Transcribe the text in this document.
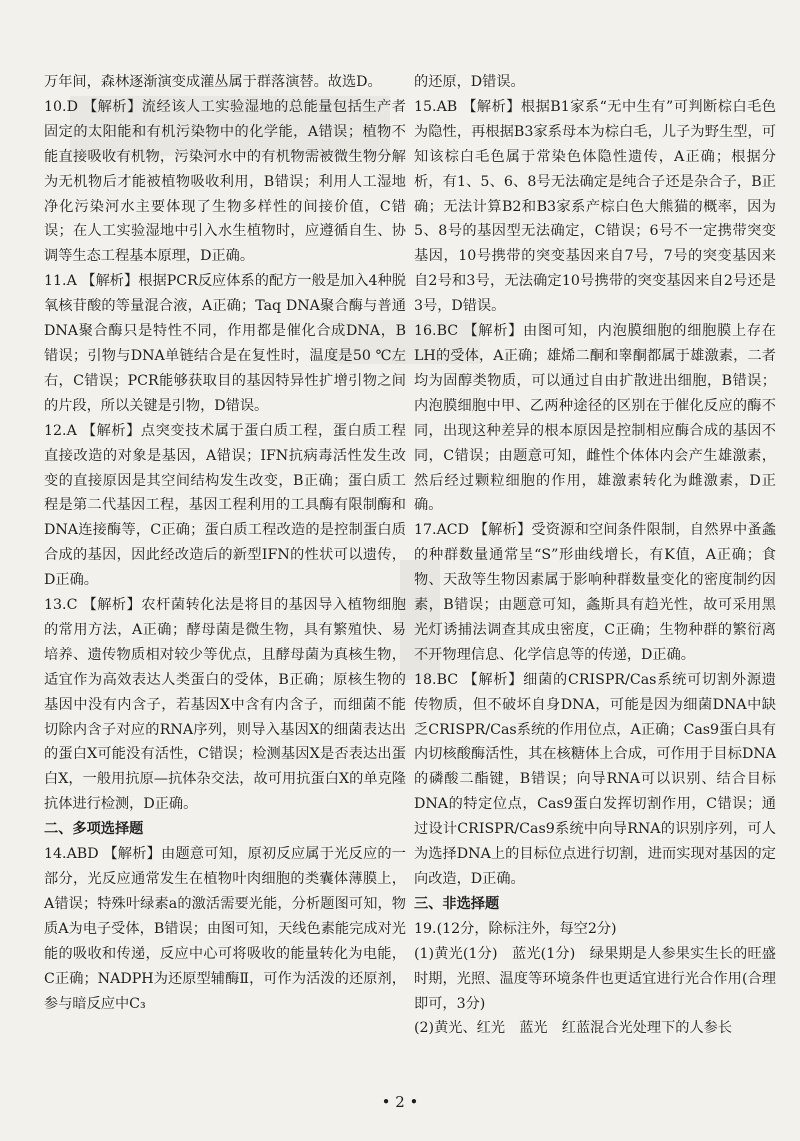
万年间，森林逐渐演变成灌丛属于群落演替。故选D。

10.D 【解析】流经该人工实验湿地的总能量包括生产者固定的太阳能和有机污染物中的化学能，A错误；植物不能直接吸收有机物，污染河水中的有机物需被微生物分解为无机物后才能被植物吸收利用，B错误；利用人工湿地净化污染河水主要体现了生物多样性的间接价值，C错误；在人工实验湿地中引入水生植物时，应遵循自生、协调等生态工程基本原理，D正确。

11.A 【解析】根据PCR反应体系的配方一般是加入4种脱氧核苷酸的等量混合液，A正确；Taq DNA聚合酶与普通DNA聚合酶只是特性不同，作用都是催化合成DNA，B错误；引物与DNA单链结合是在复性时，温度是50 ℃左右，C错误；PCR能够获取目的基因特异性扩增引物之间的片段，所以关键是引物，D错误。

12.A 【解析】点突变技术属于蛋白质工程，蛋白质工程直接改造的对象是基因，A错误；IFN抗病毒活性发生改变的直接原因是其空间结构发生改变，B正确；蛋白质工程是第二代基因工程，基因工程利用的工具酶有限制酶和DNA连接酶等，C正确；蛋白质工程改造的是控制蛋白质合成的基因，因此经改造后的新型IFN的性状可以遗传，D正确。

13.C 【解析】农杆菌转化法是将目的基因导入植物细胞的常用方法，A正确；酵母菌是微生物，具有繁殖快、易培养、遗传物质相对较少等优点，且酵母菌为真核生物，适宜作为高效表达人类蛋白的受体，B正确；原核生物的基因中没有内含子，若基因X中含有内含子，而细菌不能切除内含子对应的RNA序列，则导入基因X的细菌表达出的蛋白X可能没有活性，C错误；检测基因X是否表达出蛋白X，一般用抗原—抗体杂交法，故可用抗蛋白X的单克隆抗体进行检测，D正确。

二、多项选择题

14.ABD 【解析】由题意可知，原初反应属于光反应的一部分，光反应通常发生在植物叶肉细胞的类囊体薄膜上，A错误；特殊叶绿素a的激活需要光能，分析题图可知，物质A为电子受体，B错误；由图可知，天线色素能完成对光能的吸收和传递，反应中心可将吸收的能量转化为电能，C正确；NADPH为还原型辅酶Ⅱ，可作为活泼的还原剂，参与暗反应中C₃

的还原，D错误。

15.AB 【解析】根据B1家系“无中生有”可判断棕白毛色为隐性，再根据B3家系母本为棕白毛，儿子为野生型，可知该棕白毛色属于常染色体隐性遗传，A正确；根据分析，有1、5、6、8号无法确定是纯合子还是杂合子，B正确；无法计算B2和B3家系产棕白色大熊猫的概率，因为5、8号的基因型无法确定，C错误；6号不一定携带突变基因，10号携带的突变基因来自7号，7号的突变基因来自2号和3号，无法确定10号携带的突变基因来自2号还是3号，D错误。

16.BC 【解析】由图可知，内泡膜细胞的细胞膜上存在LH的受体，A正确；雄烯二酮和睾酮都属于雄激素，二者均为固醇类物质，可以通过自由扩散进出细胞，B错误；内泡膜细胞中甲、乙两种途径的区别在于催化反应的酶不同，出现这种差异的根本原因是控制相应酶合成的基因不同，C错误；由题意可知，雌性个体体内会产生雄激素，然后经过颗粒细胞的作用，雄激素转化为雌激素，D正确。

17.ACD 【解析】受资源和空间条件限制，自然界中蚤螽的种群数量通常呈“S”形曲线增长，有K值，A正确；食物、天敌等生物因素属于影响种群数量变化的密度制约因素，B错误；由题意可知，螽斯具有趋光性，故可采用黑光灯诱捕法调查其成虫密度，C正确；生物种群的繁衍离不开物理信息、化学信息等的传递，D正确。

18.BC 【解析】细菌的CRISPR/Cas系统可切割外源遗传物质，但不破坏自身DNA，可能是因为细菌DNA中缺乏CRISPR/Cas系统的作用位点，A正确；Cas9蛋白具有内切核酸酶活性，其在核糖体上合成，可作用于目标DNA的磷酸二酯键，B错误；向导RNA可以识别、结合目标DNA的特定位点，Cas9蛋白发挥切割作用，C错误；通过设计CRISPR/Cas9系统中向导RNA的识别序列，可人为选择DNA上的目标位点进行切割，进而实现对基因的定向改造，D正确。

三、非选择题

19.(12分，除标注外，每空2分)

(1)黄光(1分)　蓝光(1分)　绿果期是人参果实生长的旺盛时期，光照、温度等环境条件也更适宜进行光合作用(合理即可，3分)

(2)黄光、红光　蓝光　红蓝混合光处理下的人参长

• 2 •
